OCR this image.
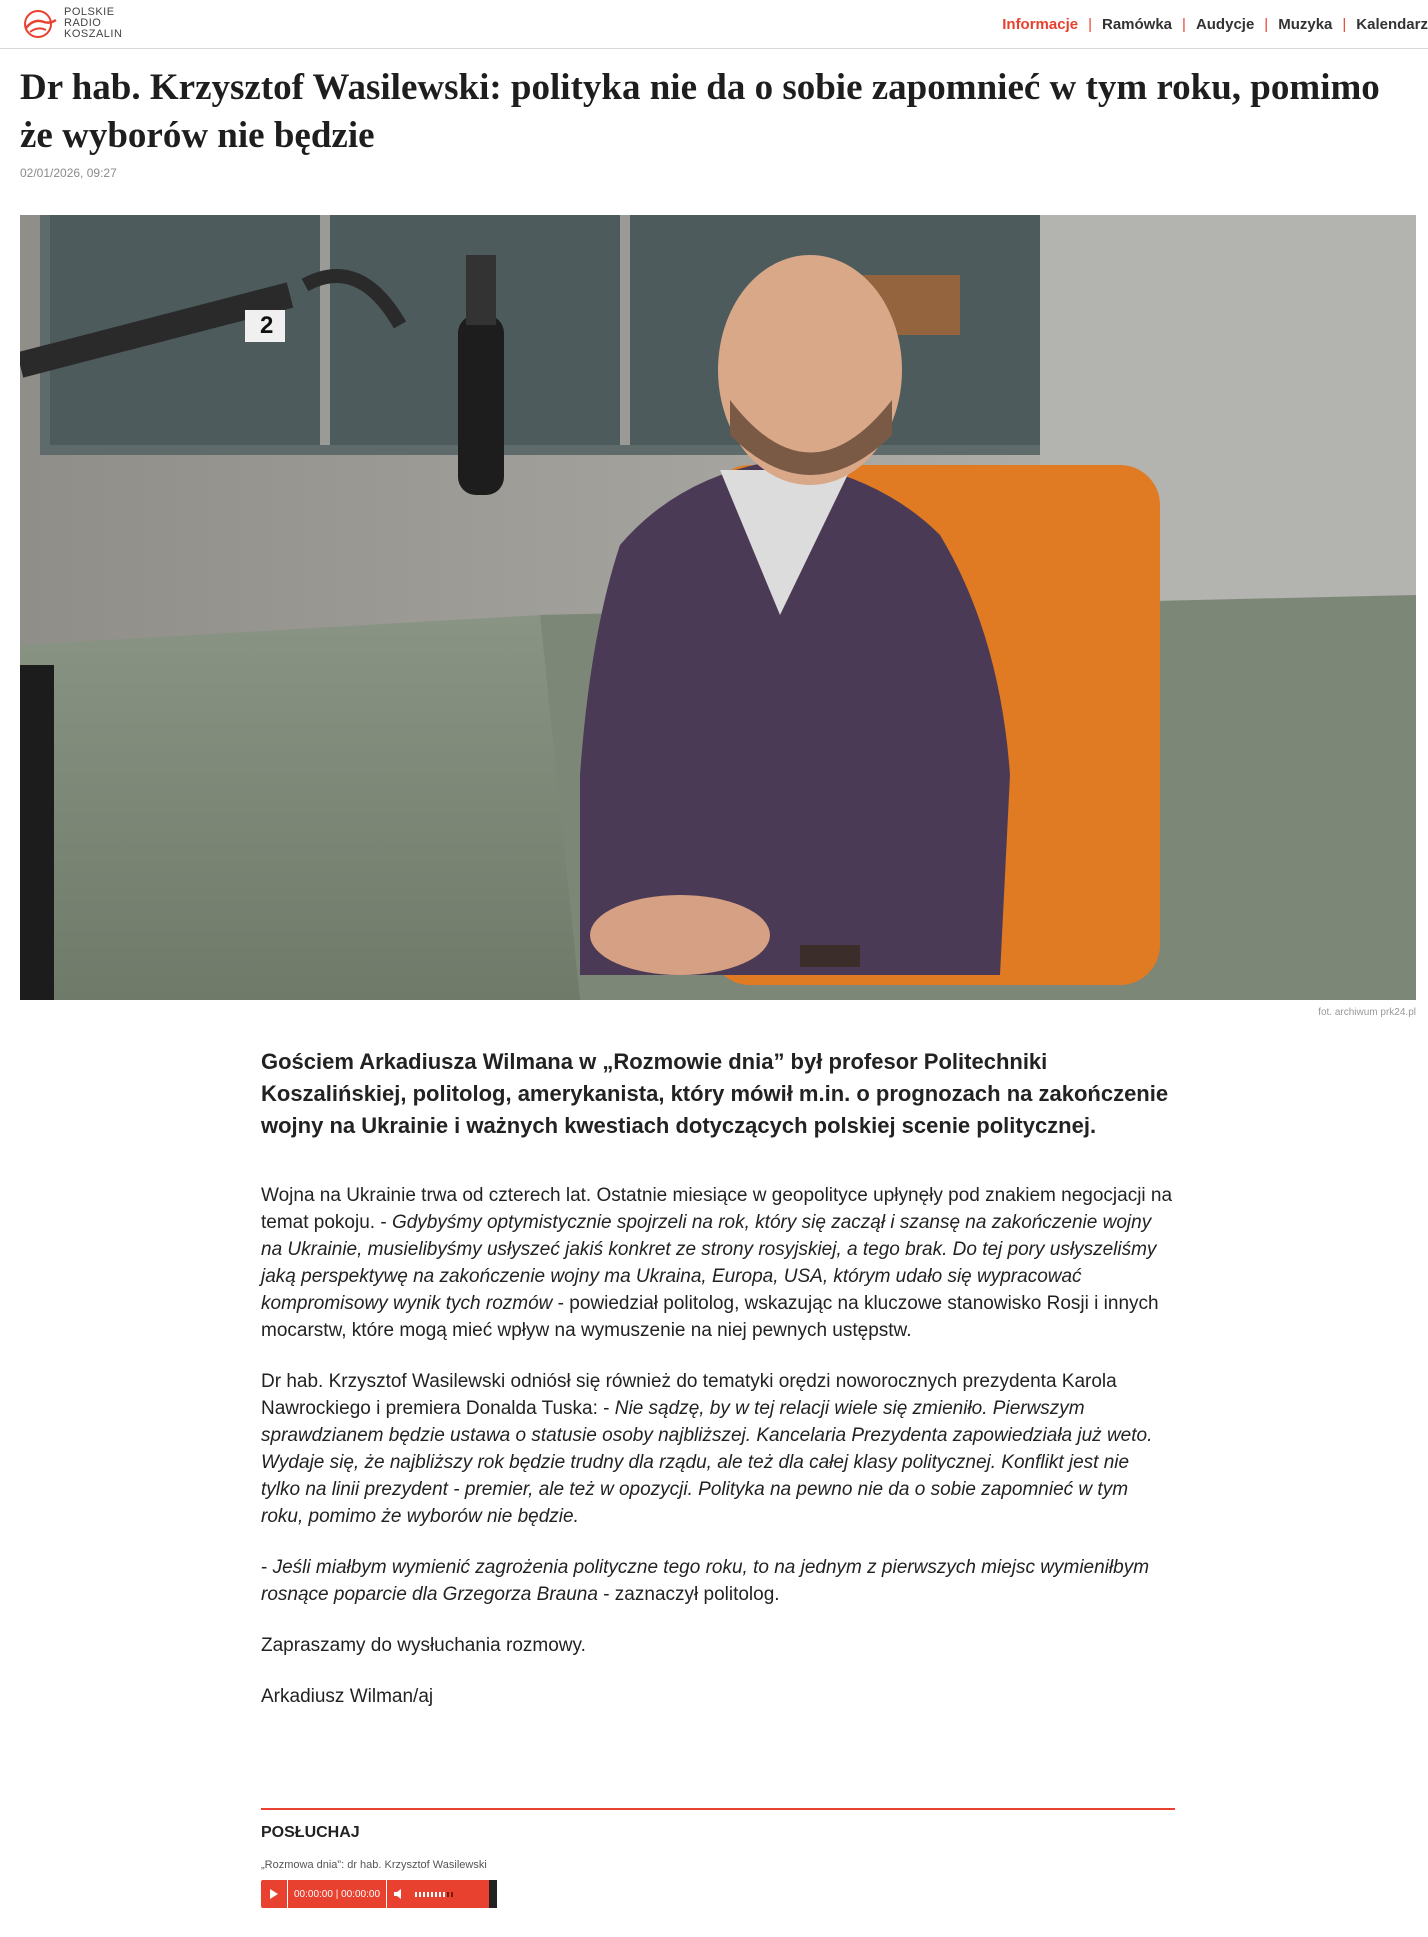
POLSKIE
RADIO
KOSZALIN
Informacje | Ramówka | Audycje | Muzyka | Kalendarz
Dr hab. Krzysztof Wasilewski: polityka nie da o sobie zapomnieć w tym roku, pomimo że wyborów nie będzie
02/01/2026, 09:27
2
fot. archiwum prk24.pl

Gościem Arkadiusza Wilmana w „Rozmowie dnia” był profesor Politechniki Koszalińskiej, politolog, amerykanista, który mówił m.in. o prognozach na zakończenie wojny na Ukrainie i ważnych kwestiach dotyczących polskiej scenie politycznej.

Wojna na Ukrainie trwa od czterech lat. Ostatnie miesiące w geopolityce upłynęły pod znakiem negocjacji na temat pokoju. - Gdybyśmy optymistycznie spojrzeli na rok, który się zaczął i szansę na zakończenie wojny na Ukrainie, musielibyśmy usłyszeć jakiś konkret ze strony rosyjskiej, a tego brak. Do tej pory usłyszeliśmy jaką perspektywę na zakończenie wojny ma Ukraina, Europa, USA, którym udało się wypracować kompromisowy wynik tych rozmów - powiedział politolog, wskazując na kluczowe stanowisko Rosji i innych mocarstw, które mogą mieć wpływ na wymuszenie na niej pewnych ustępstw.

Dr hab. Krzysztof Wasilewski odniósł się również do tematyki orędzi noworocznych prezydenta Karola Nawrockiego i premiera Donalda Tuska: - Nie sądzę, by w tej relacji wiele się zmieniło. Pierwszym sprawdzianem będzie ustawa o statusie osoby najbliższej. Kancelaria Prezydenta zapowiedziała już weto. Wydaje się, że najbliższy rok będzie trudny dla rządu, ale też dla całej klasy politycznej. Konflikt jest nie tylko na linii prezydent - premier, ale też w opozycji. Polityka na pewno nie da o sobie zapomnieć w tym roku, pomimo że wyborów nie będzie.

- Jeśli miałbym wymienić zagrożenia polityczne tego roku, to na jednym z pierwszych miejsc wymieniłbym rosnące poparcie dla Grzegorza Brauna - zaznaczył politolog.

Zapraszamy do wysłuchania rozmowy.

Arkadiusz Wilman/aj

POSŁUCHAJ
„Rozmowa dnia”: dr hab. Krzysztof Wasilewski
00:00:00 | 00:00:00
